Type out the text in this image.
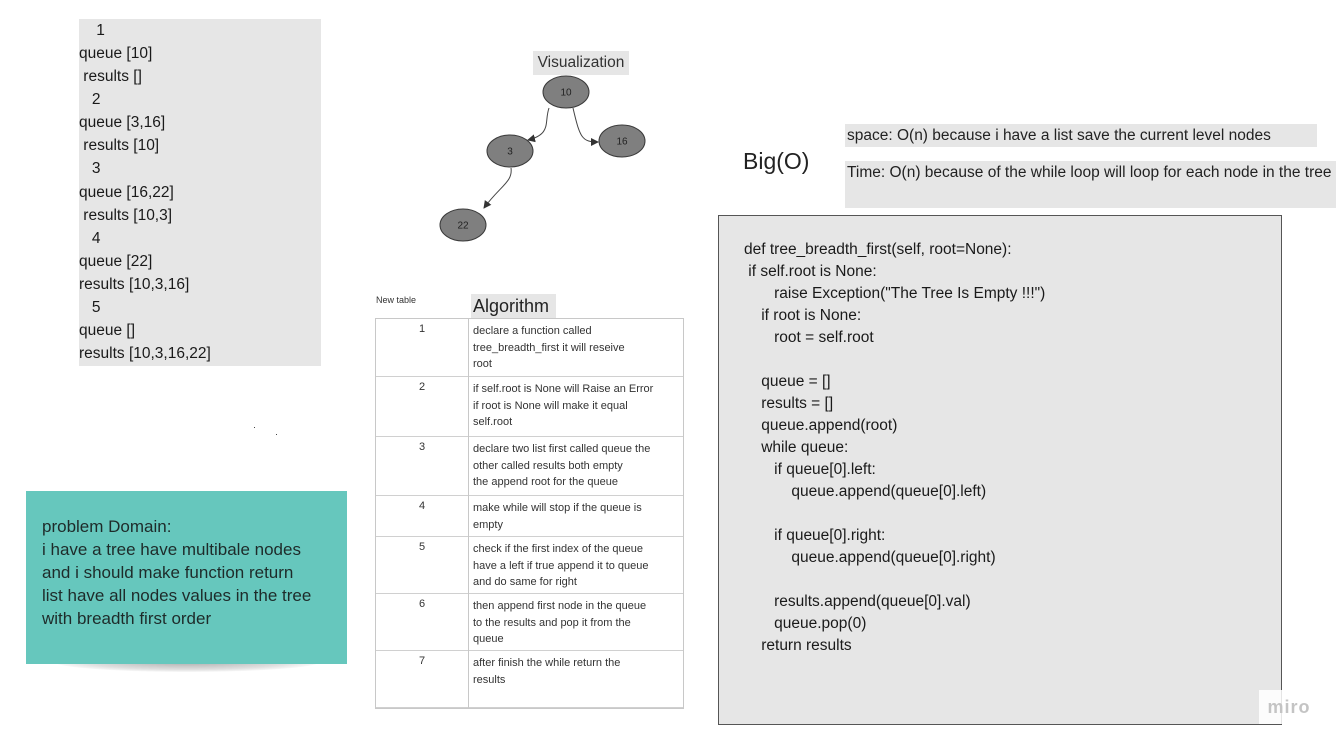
1
queue [10]
results []
2
queue [3,16]
results [10]
3
queue [16,22]
results [10,3]
4
queue [22]
results [10,3,16]
5
queue []
results [10,3,16,22]
Visualization
10
3
16
22
New table	Algorithm
1	declare a function called
tree_breadth_first it will reseive
root
2	if self.root is None will Raise an Error
if root is None will make it equal
self.root
3	declare two list first called queue the
other called results both empty
the append root for the queue
4	make while will stop if the queue is
empty
5	check if the first index of the queue
have a left if true append it to queue
and do same for right
6	then append first node in the queue
to the results and pop it from the
queue
7	after finish the while return the
results
Big(O)
space: O(n) because i have a list save the current level nodes
Time: O(n) because of the while loop will loop for each node in the tree
def tree_breadth_first(self, root=None):
if self.root is None:
raise Exception("The Tree Is Empty !!!")
if root is None:
root = self.root
queue = []
results = []
queue.append(root)
while queue:
if queue[0].left:
queue.append(queue[0].left)
if queue[0].right:
queue.append(queue[0].right)
results.append(queue[0].val)
queue.pop(0)
return results
problem Domain:
i have a tree have multibale nodes
and i should make function return
list have all nodes values in the tree
with breadth first order
miro
